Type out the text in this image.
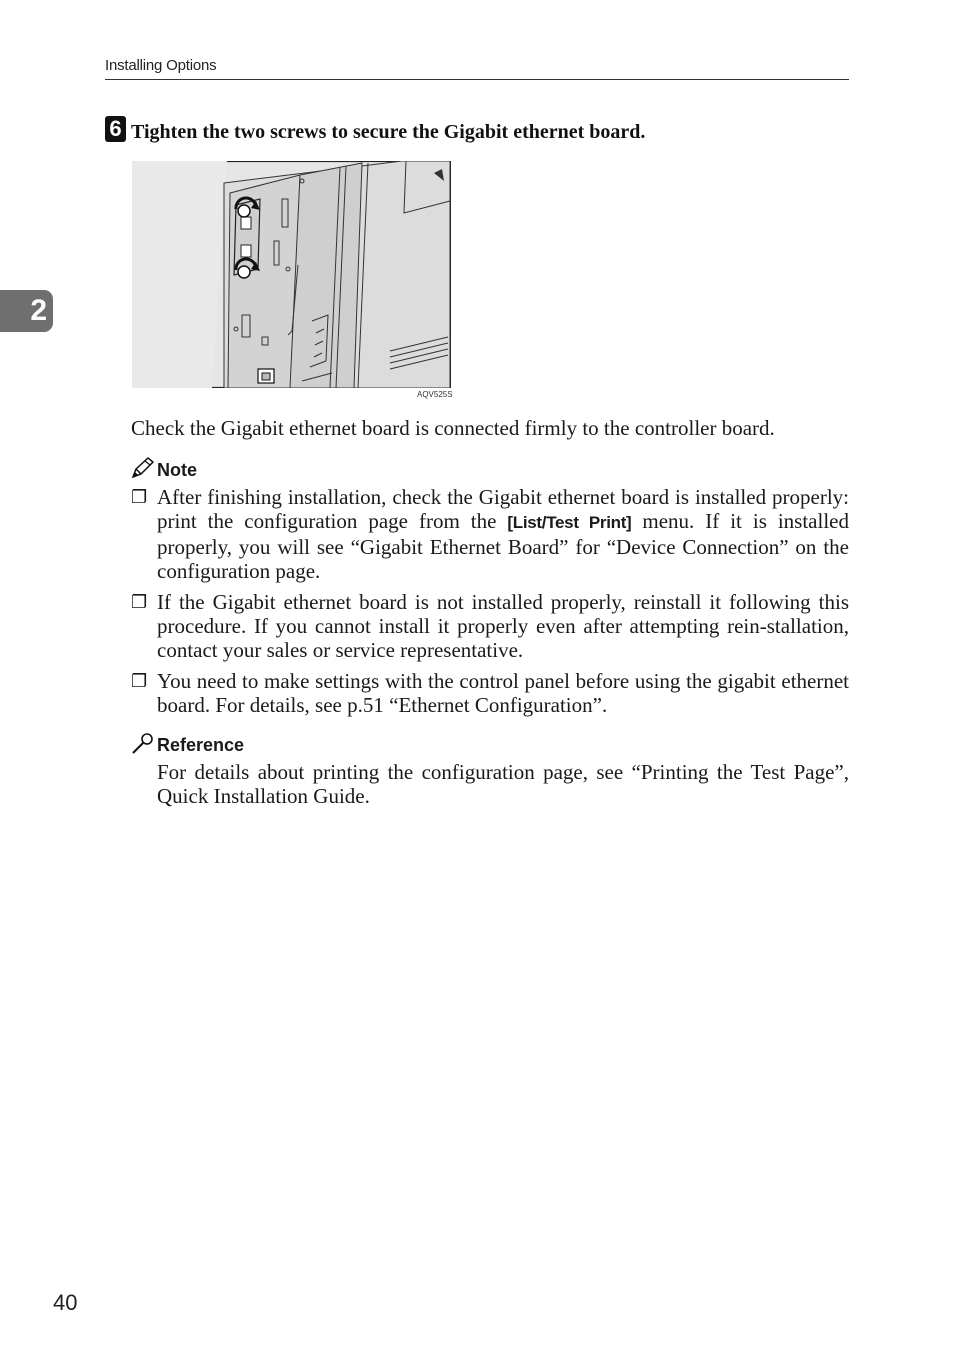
Installing Options
2
6 Tighten the two screws to secure the Gigabit ethernet board.
AQV525S
Check the Gigabit ethernet board is connected firmly to the controller board.
Note
❐ After finishing installation, check the Gigabit ethernet board is installed properly: print the configuration page from the [List/Test Print] menu. If it is installed properly, you will see “Gigabit Ethernet Board” for “Device Connection” on the configuration page.
❐ If the Gigabit ethernet board is not installed properly, reinstall it following this procedure. If you cannot install it properly even after attempting rein-stallation, contact your sales or service representative.
❐ You need to make settings with the control panel before using the gigabit ethernet board. For details, see p.51 “Ethernet Configuration”.
Reference
For details about printing the configuration page, see “Printing the Test Page”, Quick Installation Guide.
40
